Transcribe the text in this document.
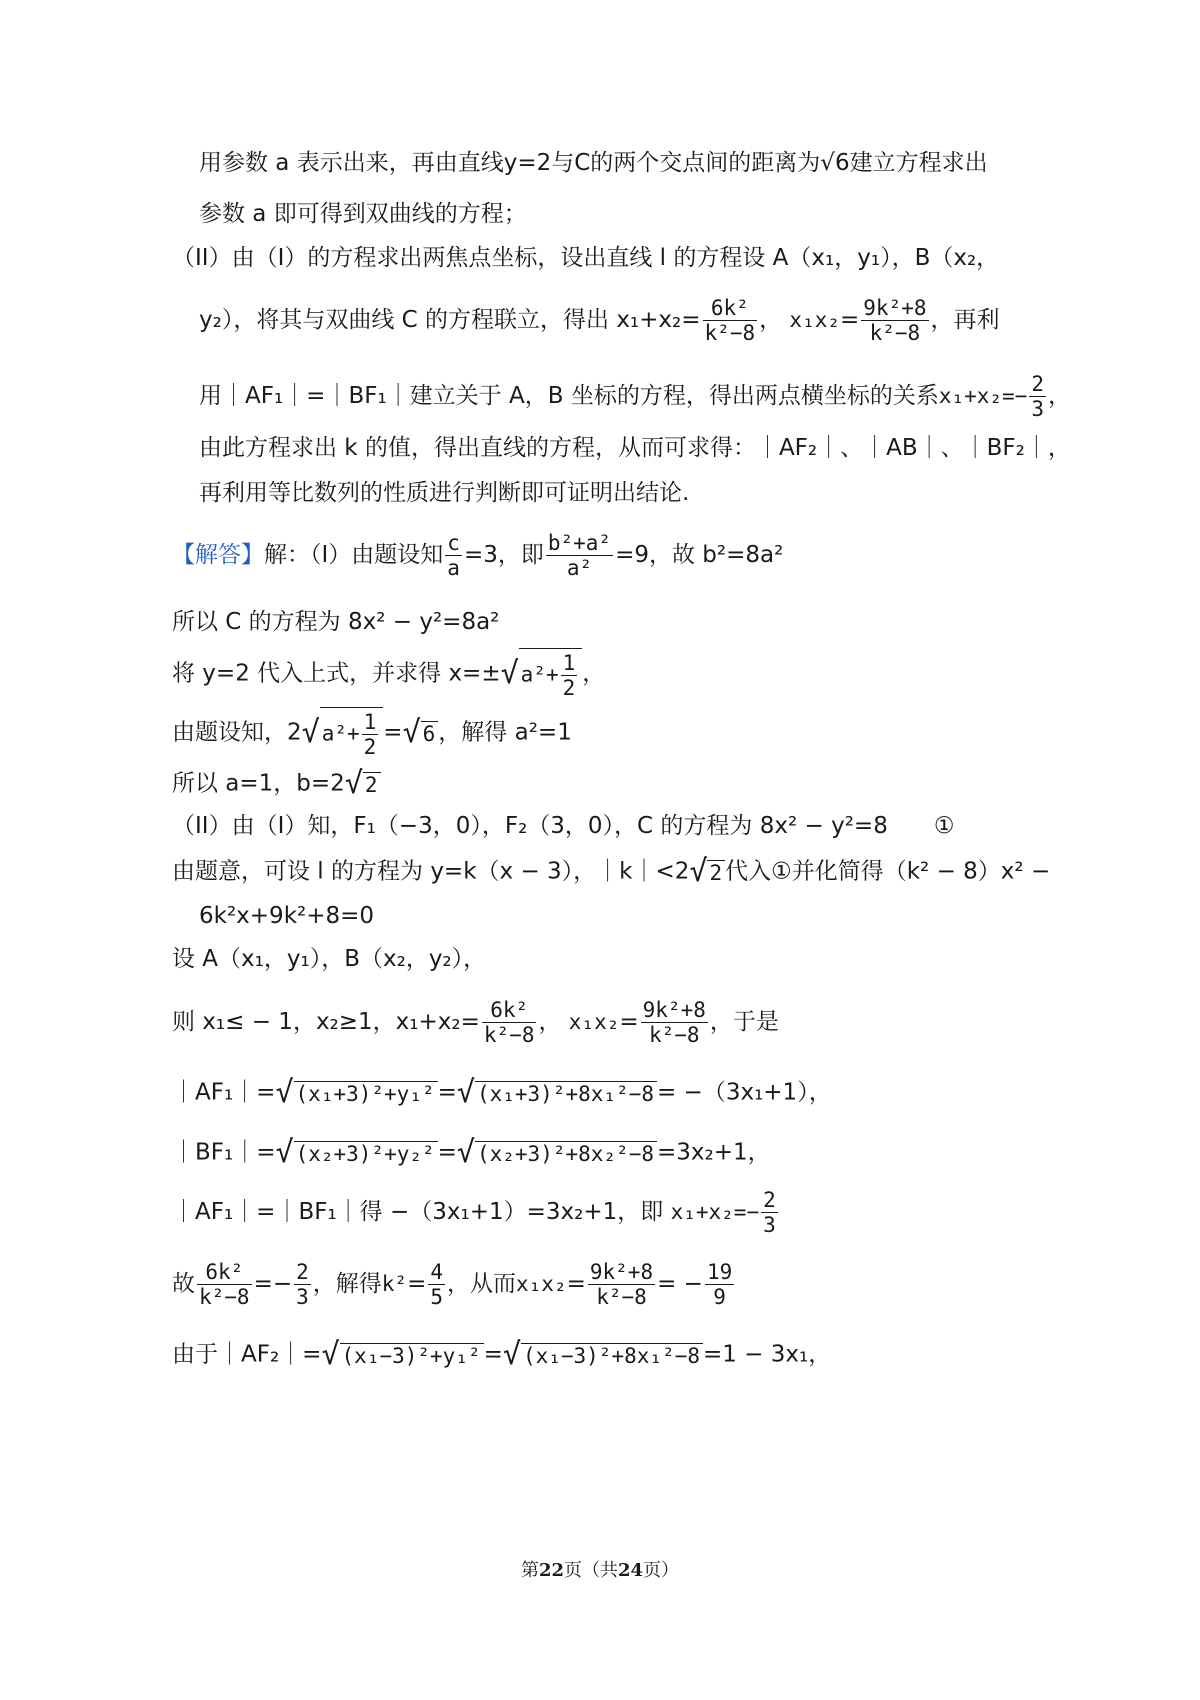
用参数 a 表示出来，再由直线y=2与C的两个交点间的距离为√6建立方程求出
参数 a 即可得到双曲线的方程；
（II）由（I）的方程求出两焦点坐标，设出直线 l 的方程设 A（x₁，y₁），B（x₂，
y₂），将其与双曲线 C 的方程联立，得出 $x_1+x_2= \frac{\text{6k²}}{\text{k²−8}}$ ， $x_1x_2= \frac{\text{9k²+8}}{\text{k²−8}}$ ，再利
用｜AF₁｜=｜BF₁｜建立关于 A，B 坐标的方程，得出两点横坐标的关系$x_1+x_2=- \frac{2}{3}$ ，
由此方程求出 k 的值，得出直线的方程，从而可求得：｜AF₂｜、｜AB｜、｜BF₂｜，
再利用等比数列的性质进行判断即可证明出结论.
【解答】解：（I）由题设知 $\frac{c}{a} =3$，即 $\frac{\text{b²+a²}}{\text{a²}} =9$，故 b²=8a²
所以 C 的方程为 8x² − y²=8a²
将 y=2 代入上式，并求得 $x=\pm√a^2+ \frac{1}{2}$ ，
由题设知，$2√a^2+ \frac{1}{2} =√6$ ，解得 a²=1
所以 a=1，b=2√2
（II）由（I）知，F₁（−3，0），F₂（3，0），C 的方程为 8x² − y²=8　　①
由题意，可设 l 的方程为 y=k（x − 3），｜k｜<2√2 代入①并化简得（k² − 8）x² −
6k²x+9k²+8=0
设 A（x₁，y₁），B（x₂，y₂），
则 x₁≤ − 1，x₂≥1，$x_1+x_2= \frac{\text{6k²}}{\text{k²−8}}$ ， $x_1x_2= \frac{\text{9k²+8}}{\text{k²−8}}$ ，于是
｜AF₁｜=√(x₁+3)²+y₁² =√(x₁+3)²+8x₁²−8 = −（3x₁+1），
｜BF₁｜=√(x₂+3)²+y₂² =√(x₂+3)²+8x₂²−8 =3x₂+1，
｜AF₁｜=｜BF₁｜得 −（3x₁+1）=3x₂+1，即 $x_1+x_2=- \frac{2}{3}$
故 $\frac{\text{6k²}}{\text{k²−8}} =- \frac{2}{3}$ ，解得$k^2= \frac{4}{5}$ ，从而$x_1x_2= \frac{\text{9k²+8}}{\text{k²−8}}$ = − $\frac{19}{9}$
由于｜AF₂｜=√(x₁−3)²+y₁² =√(x₁−3)²+8x₁²−8 =1 − 3x₁，
第22页（共24页）
